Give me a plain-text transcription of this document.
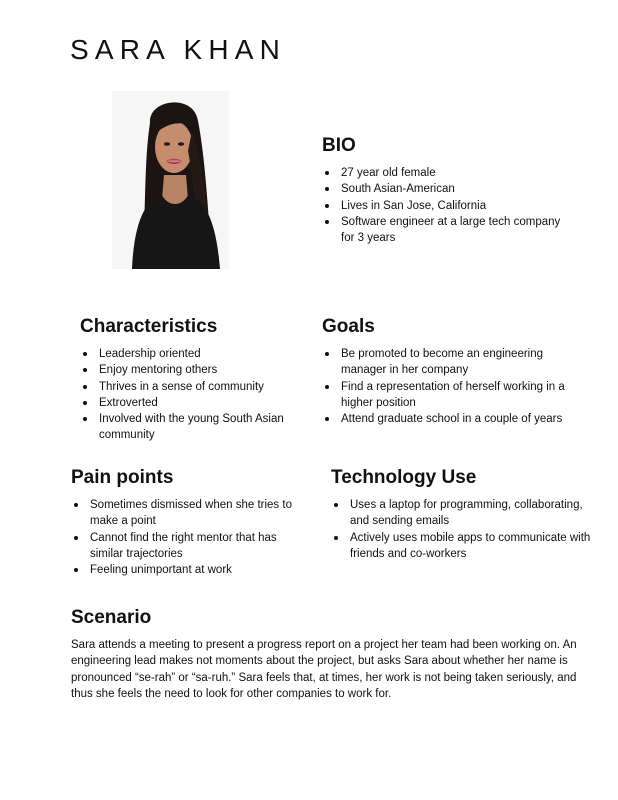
SARA KHAN
BIO
27 year old female
South Asian-American
Lives in San Jose, California
Software engineer at a large tech company for 3 years
Characteristics
Leadership oriented
Enjoy mentoring others
Thrives in a sense of community
Extroverted
Involved with the young South Asian community
Goals
Be promoted to become an engineering manager in her company
Find a representation of herself working in a higher position
Attend graduate school in a couple of years
Pain points
Sometimes dismissed when she tries to make a point
Cannot find the right mentor that has similar trajectories
Feeling unimportant at work
Technology Use
Uses a laptop for programming, collaborating, and sending emails
Actively uses mobile apps to communicate with friends and co-workers
Scenario

Sara attends a meeting to present a progress report on a project her team had been working on. An engineering lead makes not moments about the project, but asks Sara about whether her name is pronounced “se-rah” or “sa-ruh.” Sara feels that, at times, her work is not being taken seriously, and thus she feels the need to look for other companies to work for.
